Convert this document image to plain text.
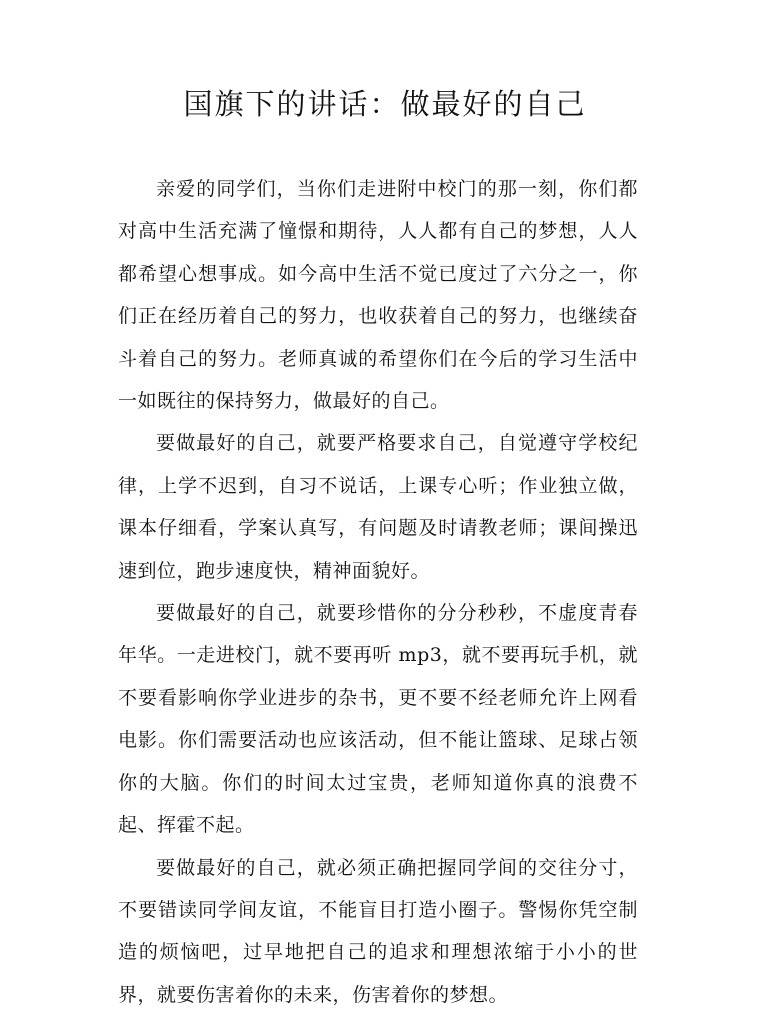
国旗下的讲话：做最好的自己

亲爱的同学们，当你们走进附中校门的那一刻，你们都对高中生活充满了憧憬和期待，人人都有自己的梦想，人人都希望心想事成。如今高中生活不觉已度过了六分之一，你们正在经历着自己的努力，也收获着自己的努力，也继续奋斗着自己的努力。老师真诚的希望你们在今后的学习生活中一如既往的保持努力，做最好的自己。

要做最好的自己，就要严格要求自己，自觉遵守学校纪律，上学不迟到，自习不说话，上课专心听；作业独立做，课本仔细看，学案认真写，有问题及时请教老师；课间操迅速到位，跑步速度快，精神面貌好。

要做最好的自己，就要珍惜你的分分秒秒，不虚度青春年华。一走进校门，就不要再听 mp3，就不要再玩手机，就不要看影响你学业进步的杂书，更不要不经老师允许上网看电影。你们需要活动也应该活动，但不能让篮球、足球占领你的大脑。你们的时间太过宝贵，老师知道你真的浪费不起、挥霍不起。

要做最好的自己，就必须正确把握同学间的交往分寸，不要错读同学间友谊，不能盲目打造小圈子。警惕你凭空制造的烦恼吧，过早地把自己的追求和理想浓缩于小小的世界，就要伤害着你的未来，伤害着你的梦想。
